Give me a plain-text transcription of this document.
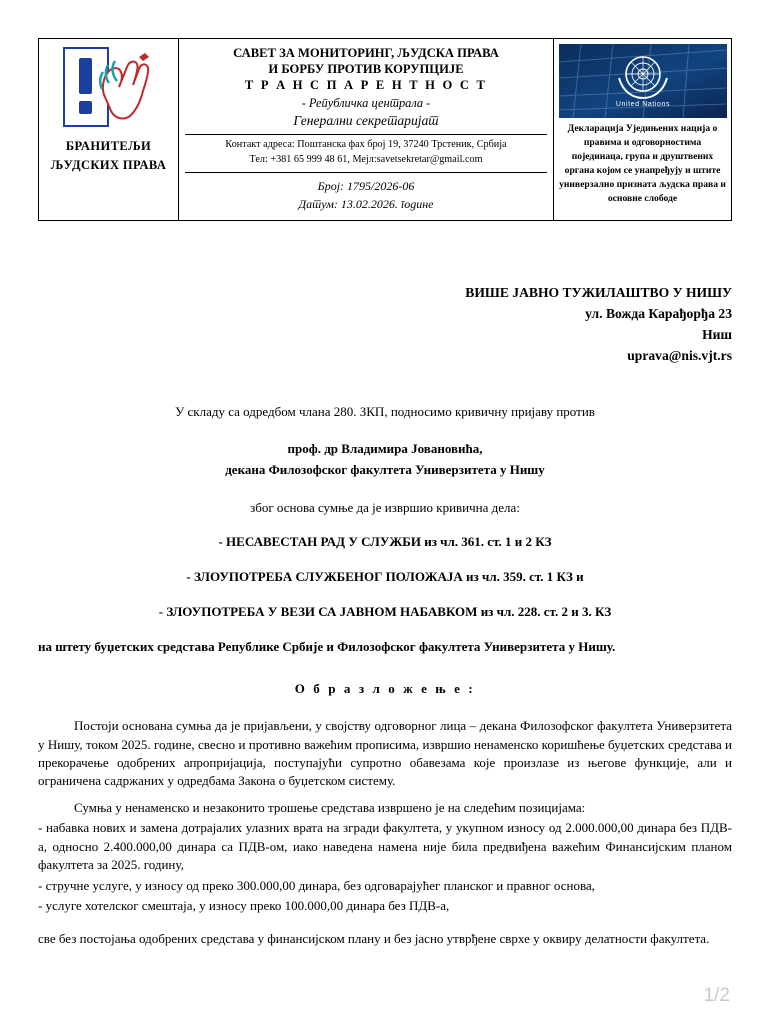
БРАНИТЕЉИ
ЉУДСКИХ ПРАВА
САВЕТ ЗА МОНИТОРИНГ, ЉУДСКА ПРАВА
И БОРБУ ПРОТИВ КОРУПЦИЈЕ
Т Р А Н С П А Р Е Н Т Н О С Т
- Републичка централа -
Генерални секретаријат
Контакт адреса: Поштанска фах број 19, 37240 Трстеник, Србија
Тел: +381 65 999 48 61, Мејл:savetsekretar@gmail.com
Број: 1795/2026-06
Датум: 13.02.2026. године
United Nations
Декларација Уједињених нација о правима и одговорностима појединаца, група и друштвених органа којом се унапређују и штите универзално призната људска права и основне слободе
ВИШЕ ЈАВНО ТУЖИЛАШТВО У НИШУ
ул. Вожда Карађорђа 23
Ниш
uprava@nis.vjt.rs
У складу са одредбом члана 280. ЗКП, подносимо кривичну пријаву против
проф. др Владимира Јовановића,
декана Филозофског факултета Универзитета у Нишу
због основа сумње да је извршио кривична дела:
- НЕСАВЕСТАН РАД У СЛУЖБИ из чл. 361. ст. 1 и 2 КЗ
- ЗЛОУПОТРЕБА СЛУЖБЕНОГ ПОЛОЖАЈА из чл. 359. ст. 1 КЗ и
- ЗЛОУПОТРЕБА У ВЕЗИ СА ЈАВНОМ НАБАВКОМ из чл. 228. ст. 2 и 3. КЗ
на штету буџетских средстава Републике Србије и Филозофског факултета Универзитета у Нишу.
О б р а з л о ж е њ е :

Постоји основана сумња да је пријављени, у својству одговорног лица – декана Филозофског факултета Универзитета у Нишу, током 2025. године, свесно и противно важећим прописима, извршио ненаменско коришћење буџетских средстава и прекорачење одобрених апропријација, поступајући супротно обавезама које произлазе из његове функције, али и ограничена садржаних у одредбама Закона о буџетском систему.

Сумња у ненаменско и незаконито трошење средстава извршено је на следећим позицијама:

- набавка нових и замена дотрајалих улазних врата на згради факултета, у укупном износу од 2.000.000,00 динара без ПДВ-а, односно 2.400.000,00 динара са ПДВ-ом, иако наведена намена није била предвиђена важећим Финансијским планом факултета за 2025. годину,

- стручне услуге, у износу од преко 300.000,00 динара, без одговарајућег планског и правног основа,

- услуге хотелског смештаја, у износу преко 100.000,00 динара без ПДВ-а,

све без постојања одобрених средстава у финансијском плану и без јасно утврђене сврхе у оквиру делатности факултета.

1/2
